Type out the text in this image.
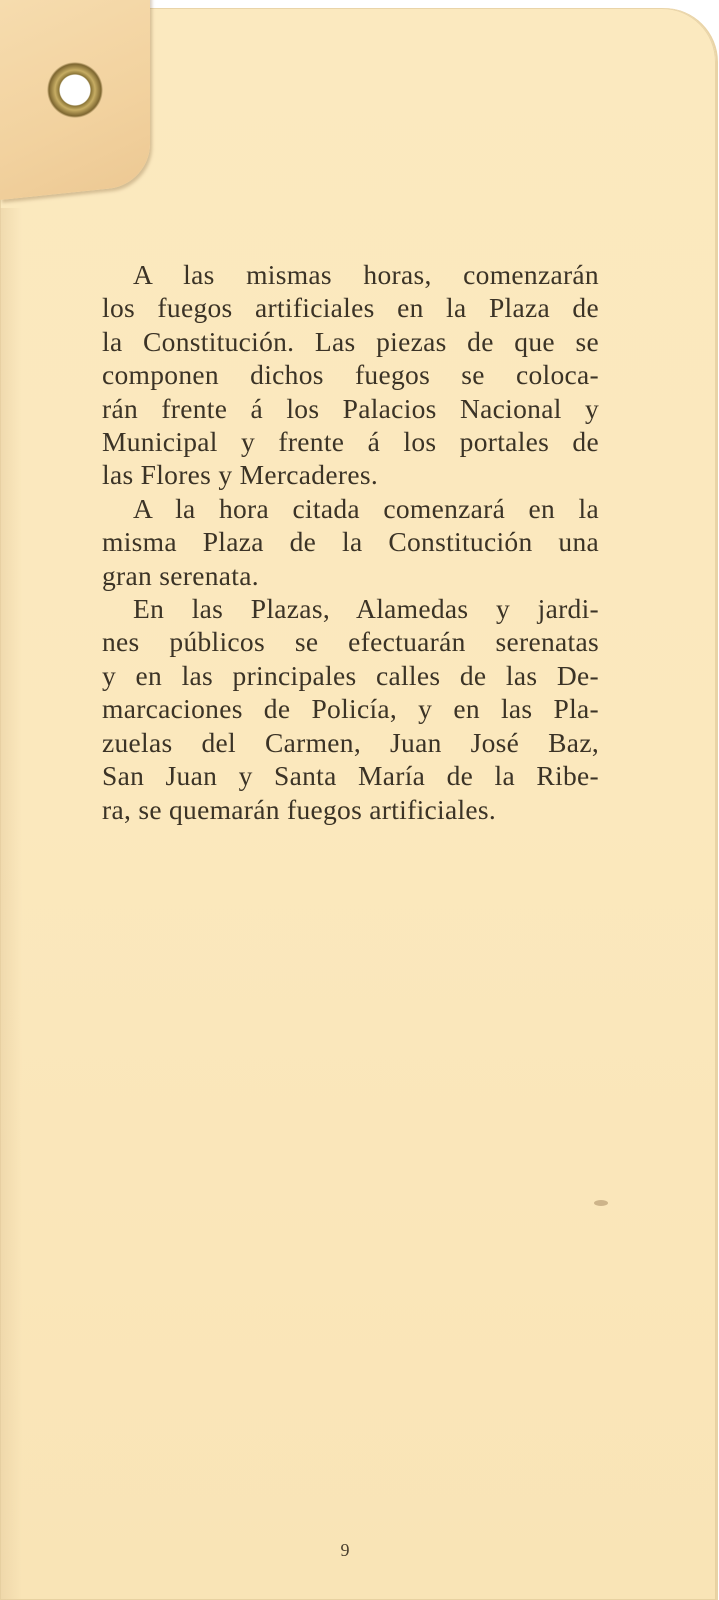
A las mismas horas, comenzarán
los fuegos artificiales en la Plaza de
la Constitución. Las piezas de que se
componen dichos fuegos se coloca-
rán frente á los Palacios Nacional y
Municipal y frente á los portales de
las Flores y Mercaderes.
A la hora citada comenzará en la
misma Plaza de la Constitución una
gran serenata.
En las Plazas, Alamedas y jardi-
nes públicos se efectuarán serenatas
y en las principales calles de las De-
marcaciones de Policía, y en las Pla-
zuelas del Carmen, Juan José Baz,
San Juan y Santa María de la Ribe-
ra, se quemarán fuegos artificiales.
9
